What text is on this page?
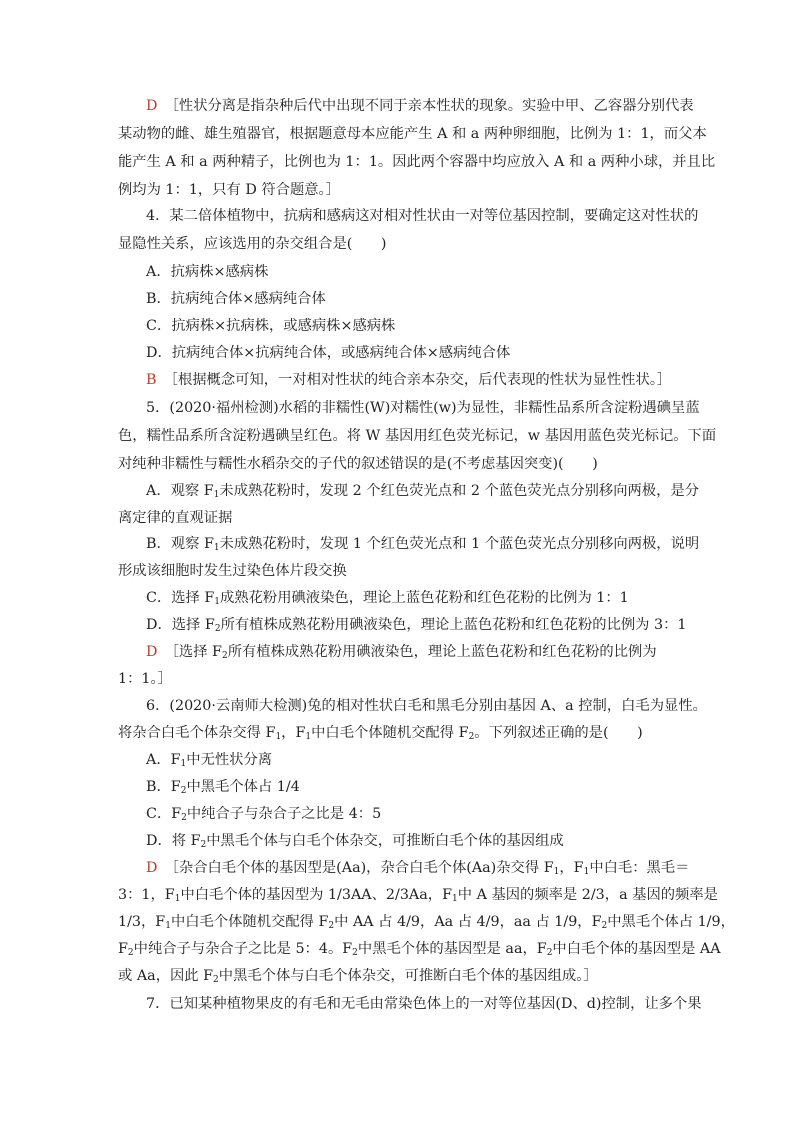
D　 ［性状分离是指杂种后代中出现不同于亲本性状的现象。实验中甲、乙容器分别代表
某动物的雌、雄生殖器官，根据题意母本应能产生 A 和 a 两种卵细胞，比例为 1：1，而父本
能产生 A 和 a 两种精子，比例也为 1：1。因此两个容器中均应放入 A 和 a 两种小球，并且比
例均为 1：1，只有 D 符合题意。］
4．某二倍体植物中，抗病和感病这对相对性状由一对等位基因控制，要确定这对性状的
显隐性关系，应该选用的杂交组合是(　　)
A．抗病株×感病株
B．抗病纯合体×感病纯合体
C．抗病株×抗病株，或感病株×感病株
D．抗病纯合体×抗病纯合体，或感病纯合体×感病纯合体
B　 ［根据概念可知，一对相对性状的纯合亲本杂交，后代表现的性状为显性性状。］
5．(2020·福州检测)水稻的非糯性(W)对糯性(w)为显性，非糯性品系所含淀粉遇碘呈蓝
色，糯性品系所含淀粉遇碘呈红色。将 W 基因用红色荧光标记，w 基因用蓝色荧光标记。下面
对纯种非糯性与糯性水稻杂交的子代的叙述错误的是(不考虑基因突变)(　　)
A．观察 $F_1$未成熟花粉时，发现 2 个红色荧光点和 2 个蓝色荧光点分别移向两极，是分
离定律的直观证据
B．观察 $F_1$未成熟花粉时，发现 1 个红色荧光点和 1 个蓝色荧光点分别移向两极，说明
形成该细胞时发生过染色体片段交换
C．选择 $F_1$成熟花粉用碘液染色，理论上蓝色花粉和红色花粉的比例为 1：1
D．选择 $F_2$所有植株成熟花粉用碘液染色，理论上蓝色花粉和红色花粉的比例为 3：1
D　 ［选择 $F_2$所有植株成熟花粉用碘液染色，理论上蓝色花粉和红色花粉的比例为
1：1。］
6．(2020·云南师大检测)兔的相对性状白毛和黑毛分别由基因 A、a 控制，白毛为显性。
将杂合白毛个体杂交得 $F_1$，$F_1$中白毛个体随机交配得 $F_2$。下列叙述正确的是(　　)
A．$F_1$中无性状分离
B．$F_2$中黑毛个体占 1/4
C．$F_2$中纯合子与杂合子之比是 4：5
D．将 $F_2$中黑毛个体与白毛个体杂交，可推断白毛个体的基因组成
D　 ［杂合白毛个体的基因型是(Aa)，杂合白毛个体(Aa)杂交得 $F_1$，$F_1$中白毛：黑毛＝
3：1，$F_1$中白毛个体的基因型为 1/3AA、2/3Aa，$F_1$中 A 基因的频率是 2/3，a 基因的频率是
1/3，$F_1$中白毛个体随机交配得 $F_2$中 AA 占 4/9，Aa 占 4/9，aa 占 1/9，$F_2$中黑毛个体占 1/9，
$F_2$中纯合子与杂合子之比是 5：4。$F_2$中黑毛个体的基因型是 aa，$F_2$中白毛个体的基因型是 AA
或 Aa，因此 $F_2$中黑毛个体与白毛个体杂交，可推断白毛个体的基因组成。］
7．已知某种植物果皮的有毛和无毛由常染色体上的一对等位基因(D、d)控制，让多个果
